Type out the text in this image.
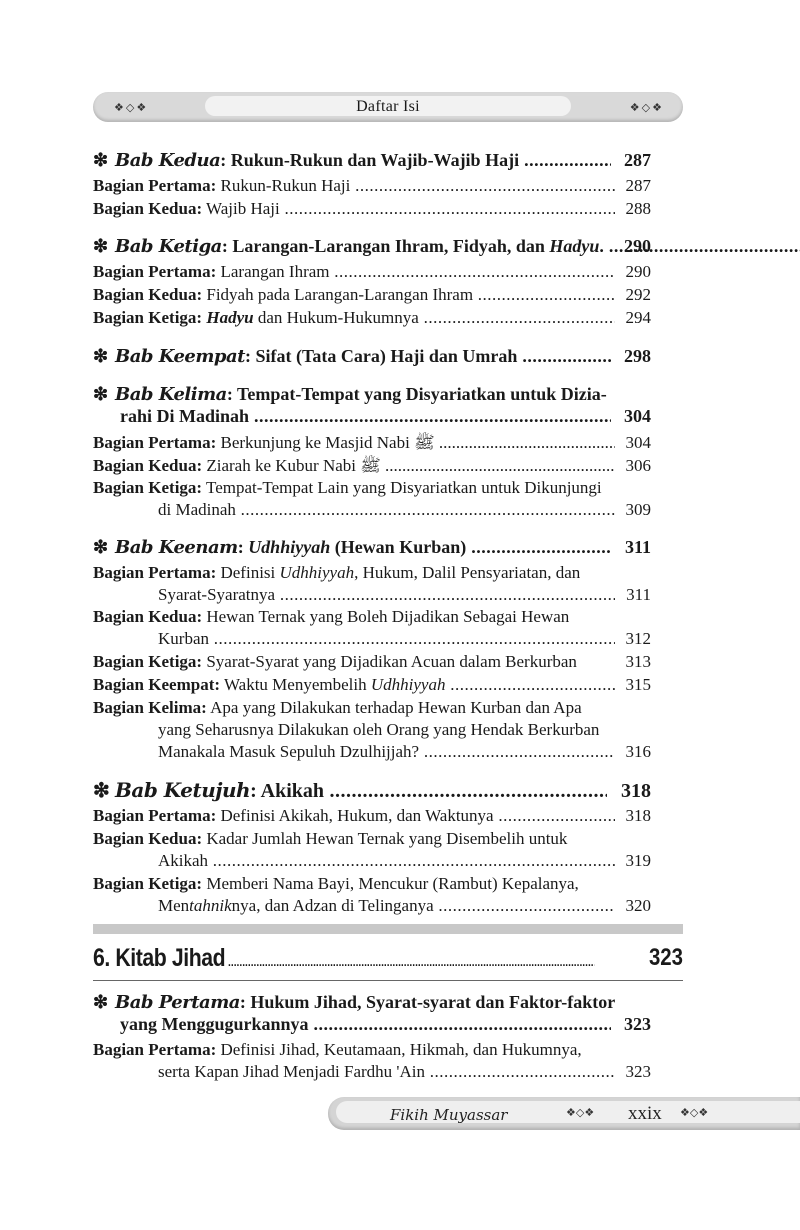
❖ ◇ ❖	Daftar Isi	❖ ◇ ❖
❇ Bab Kedua: Rukun-Rukun dan Wajib-Wajib Haji .....	287
Bagian Pertama: Rukun-Rukun Haji .....	287
Bagian Kedua: Wajib Haji .....	288
❇ Bab Ketiga: Larangan-Larangan Ihram, Fidyah, dan Hadyu. .....	290
Bagian Pertama: Larangan Ihram .....	290
Bagian Kedua: Fidyah pada Larangan-Larangan Ihram .....	292
Bagian Ketiga: Hadyu dan Hukum-Hukumnya .....	294
❇ Bab Keempat: Sifat (Tata Cara) Haji dan Umrah .....	298
❇ Bab Kelima: Tempat-Tempat yang Disyariatkan untuk Dizia-
rahi Di Madinah .....	304
Bagian Pertama: Berkunjung ke Masjid Nabi ﷺ .....	304
Bagian Kedua: Ziarah ke Kubur Nabi ﷺ .....	306
Bagian Ketiga: Tempat-Tempat Lain yang Disyariatkan untuk Dikunjungi
di Madinah .....	309
❇ Bab Keenam: Udhhiyyah (Hewan Kurban) .....	311
Bagian Pertama: Definisi Udhhiyyah, Hukum, Dalil Pensyariatan, dan
Syarat-Syaratnya .....	311
Bagian Kedua: Hewan Ternak yang Boleh Dijadikan Sebagai Hewan
Kurban .....	312
Bagian Ketiga: Syarat-Syarat yang Dijadikan Acuan dalam Berkurban	313
Bagian Keempat: Waktu Menyembelih Udhhiyyah .....	315
Bagian Kelima: Apa yang Dilakukan terhadap Hewan Kurban dan Apa
yang Seharusnya Dilakukan oleh Orang yang Hendak Berkurban
Manakala Masuk Sepuluh Dzulhijjah? .....	316
❇ Bab Ketujuh: Akikah .....	318
Bagian Pertama: Definisi Akikah, Hukum, dan Waktunya .....	318
Bagian Kedua: Kadar Jumlah Hewan Ternak yang Disembelih untuk
Akikah .....	319
Bagian Ketiga: Memberi Nama Bayi, Mencukur (Rambut) Kepalanya,
Mentahniknya, dan Adzan di Telinganya .....	320
6. Kitab Jihad .....	323
❇ Bab Pertama: Hukum Jihad, Syarat-syarat dan Faktor-faktor
yang Menggugurkannya .....	323
Bagian Pertama: Definisi Jihad, Keutamaan, Hikmah, dan Hukumnya,
serta Kapan Jihad Menjadi Fardhu 'Ain .....	323
Fikih Muyassar	❖◇❖ xxix ❖◇❖
